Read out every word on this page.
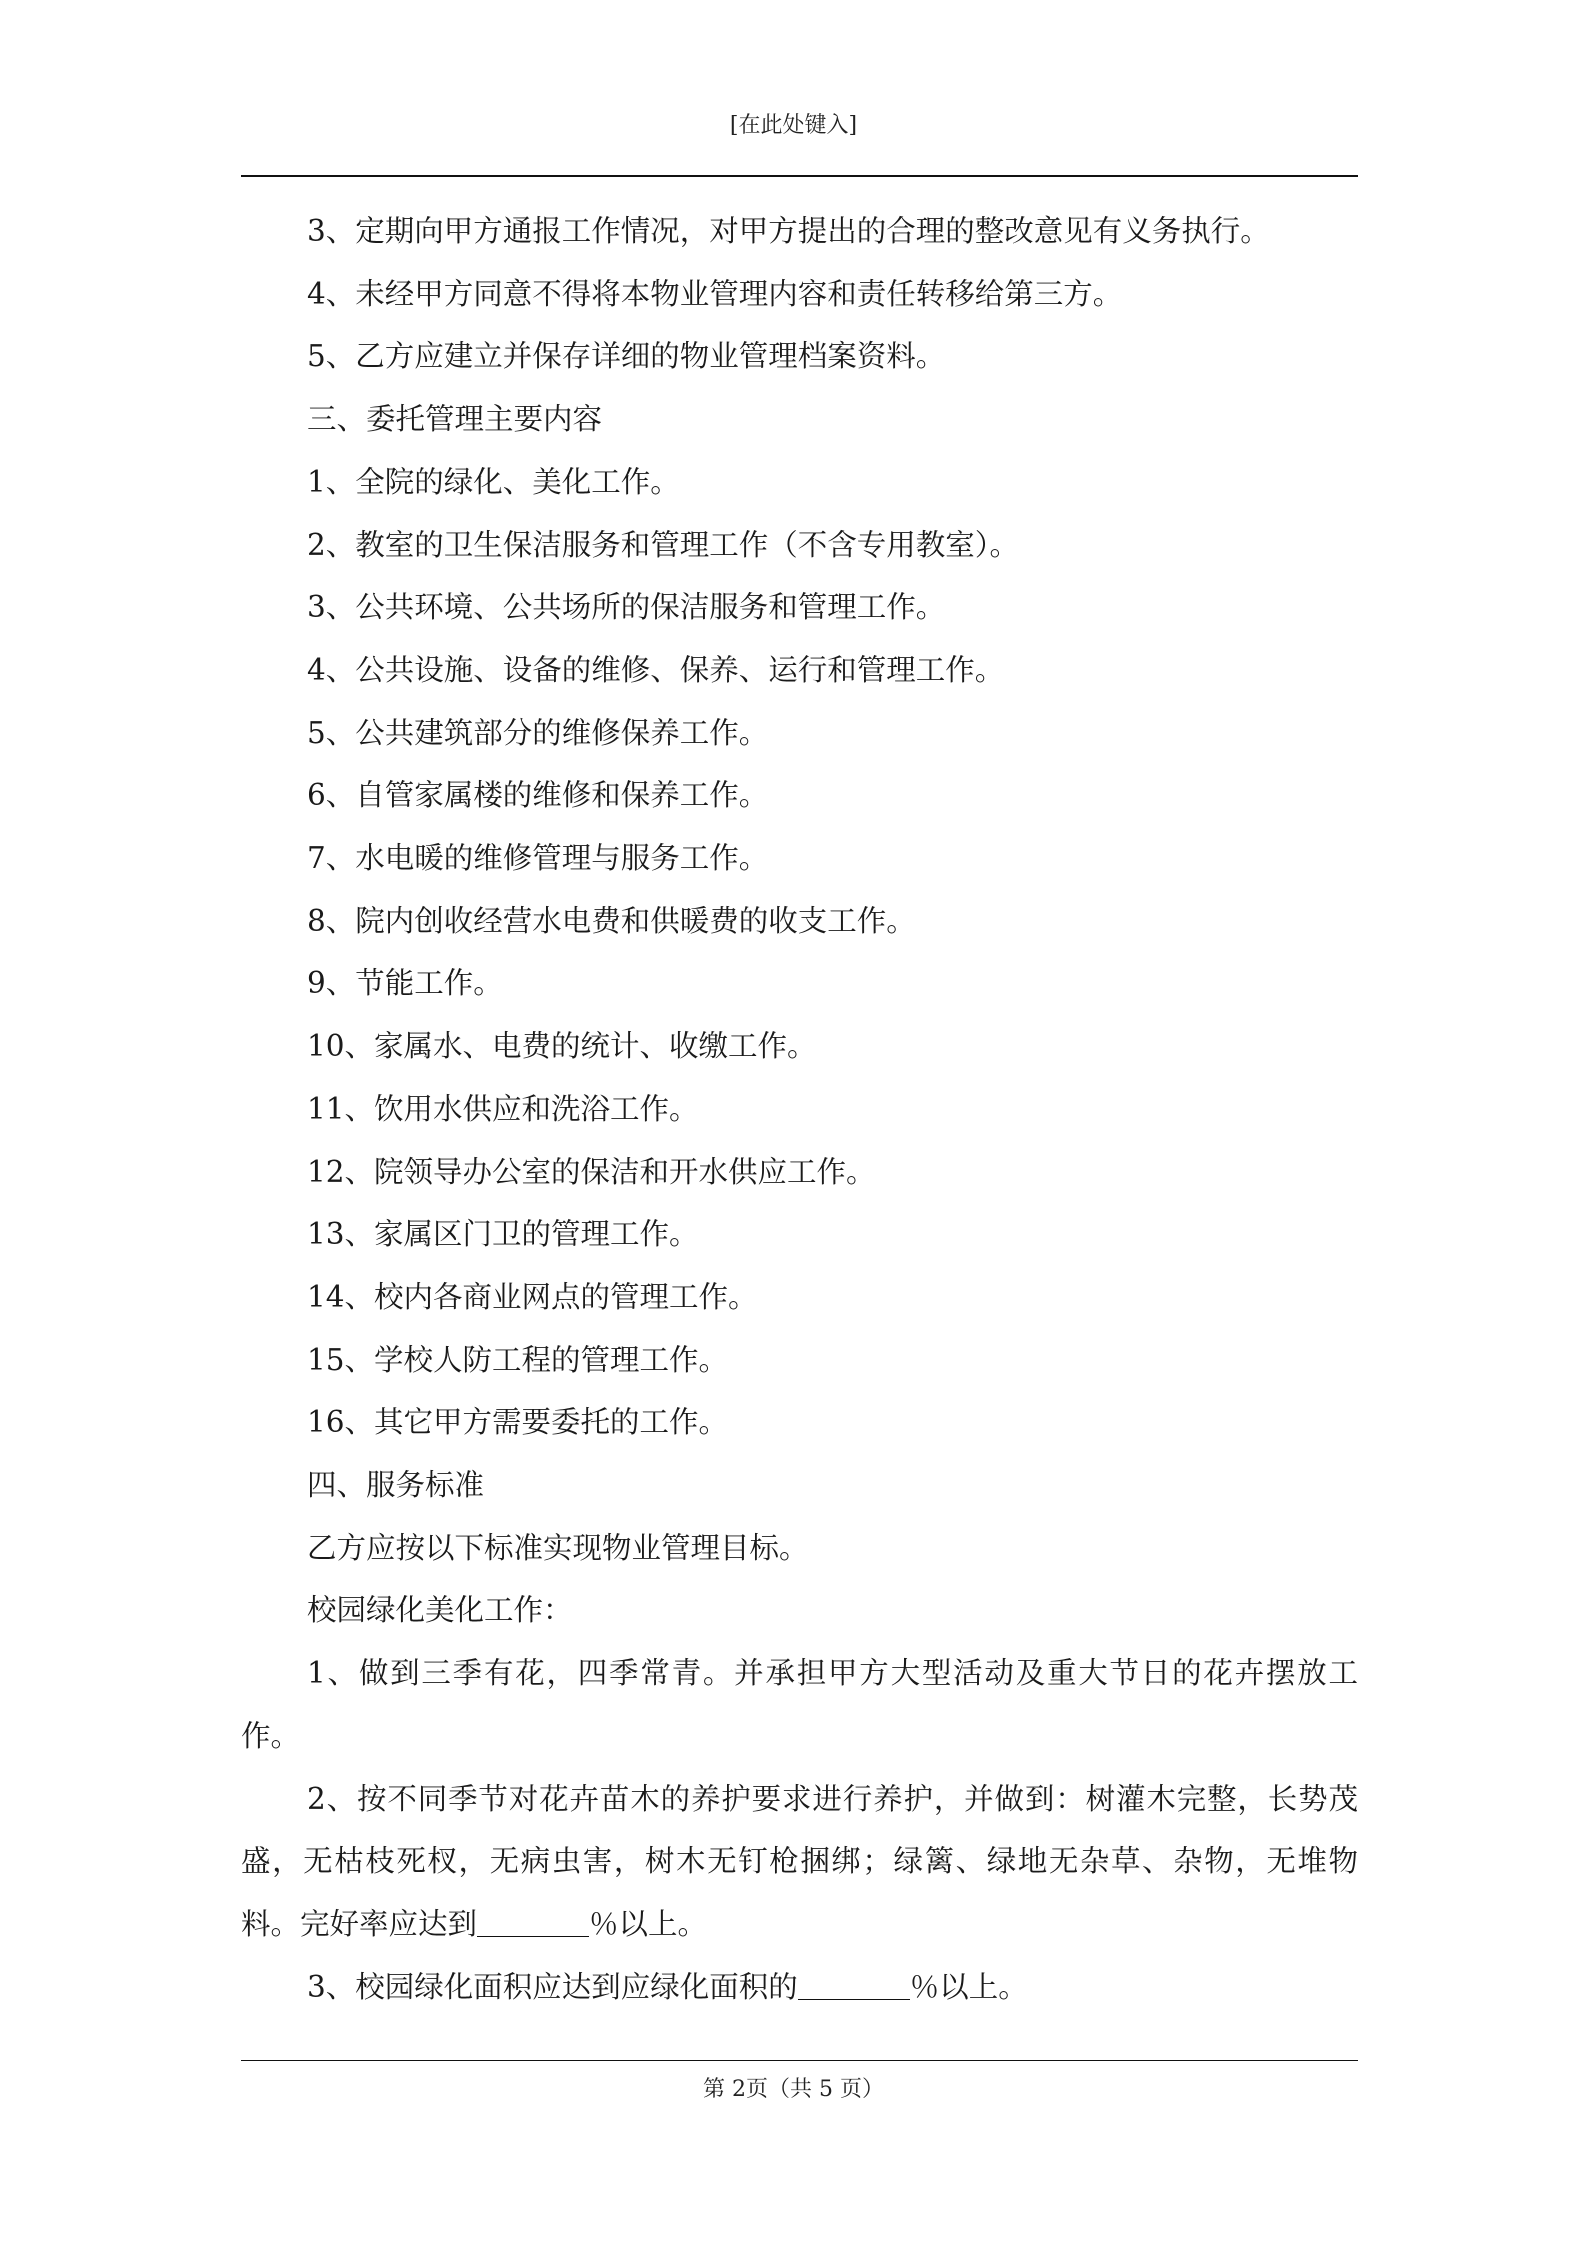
[在此处键入]

3、定期向甲方通报工作情况，对甲方提出的合理的整改意见有义务执行。

4、未经甲方同意不得将本物业管理内容和责任转移给第三方。

5、乙方应建立并保存详细的物业管理档案资料。

三、委托管理主要内容

1、全院的绿化、美化工作。

2、教室的卫生保洁服务和管理工作（不含专用教室）。

3、公共环境、公共场所的保洁服务和管理工作。

4、公共设施、设备的维修、保养、运行和管理工作。

5、公共建筑部分的维修保养工作。

6、自管家属楼的维修和保养工作。

7、水电暖的维修管理与服务工作。

8、院内创收经营水电费和供暖费的收支工作。

9、节能工作。

10、家属水、电费的统计、收缴工作。

11、饮用水供应和洗浴工作。

12、院领导办公室的保洁和开水供应工作。

13、家属区门卫的管理工作。

14、校内各商业网点的管理工作。

15、学校人防工程的管理工作。

16、其它甲方需要委托的工作。

四、服务标准

乙方应按以下标准实现物业管理目标。

校园绿化美化工作：

1、做到三季有花，四季常青。并承担甲方大型活动及重大节日的花卉摆放工作。

2、按不同季节对花卉苗木的养护要求进行养护，并做到：树灌木完整，长势茂盛，无枯枝死杈，无病虫害，树木无钉枪捆绑；绿篱、绿地无杂草、杂物，无堆物料。完好率应达到	％以上。

3、校园绿化面积应达到应绿化面积的	％以上。

第 2页（共 5 页）
